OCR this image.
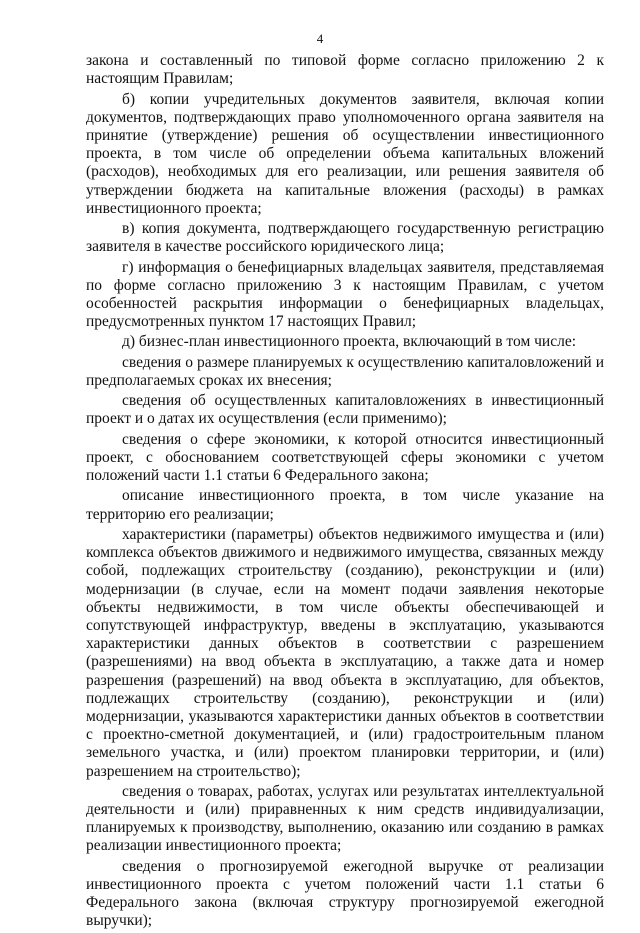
4

закона и составленный по типовой форме согласно приложению 2 к настоящим Правилам;

б) копии учредительных документов заявителя, включая копии документов, подтверждающих право уполномоченного органа заявителя на принятие (утверждение) решения об осуществлении инвестиционного проекта, в том числе об определении объема капитальных вложений (расходов), необходимых для его реализации, или решения заявителя об утверждении бюджета на капитальные вложения (расходы) в рамках инвестиционного проекта;

в) копия документа, подтверждающего государственную регистрацию заявителя в качестве российского юридического лица;

г) информация о бенефициарных владельцах заявителя, представляемая по форме согласно приложению 3 к настоящим Правилам, с учетом особенностей раскрытия информации о бенефициарных владельцах, предусмотренных пунктом 17 настоящих Правил;

д) бизнес-план инвестиционного проекта, включающий в том числе:

сведения о размере планируемых к осуществлению капиталовложений и предполагаемых сроках их внесения;

сведения об осуществленных капиталовложениях в инвестиционный проект и о датах их осуществления (если применимо);

сведения о сфере экономики, к которой относится инвестиционный проект, с обоснованием соответствующей сферы экономики с учетом положений части 1.1 статьи 6 Федерального закона;

описание инвестиционного проекта, в том числе указание на территорию его реализации;

характеристики (параметры) объектов недвижимого имущества и (или) комплекса объектов движимого и недвижимого имущества, связанных между собой, подлежащих строительству (созданию), реконструкции и (или) модернизации (в случае, если на момент подачи заявления некоторые объекты недвижимости, в том числе объекты обеспечивающей и сопутствующей инфраструктур, введены в эксплуатацию, указываются характеристики данных объектов в соответствии с разрешением (разрешениями) на ввод объекта в эксплуатацию, а также дата и номер разрешения (разрешений) на ввод объекта в эксплуатацию, для объектов, подлежащих строительству (созданию), реконструкции и (или) модернизации, указываются характеристики данных объектов в соответствии с проектно-сметной документацией, и (или) градостроительным планом земельного участка, и (или) проектом планировки территории, и (или) разрешением на строительство);

сведения о товарах, работах, услугах или результатах интеллектуальной деятельности и (или) приравненных к ним средств индивидуализации, планируемых к производству, выполнению, оказанию или созданию в рамках реализации инвестиционного проекта;

сведения о прогнозируемой ежегодной выручке от реализации инвестиционного проекта с учетом положений части 1.1 статьи 6 Федерального закона (включая структуру прогнозируемой ежегодной выручки);
